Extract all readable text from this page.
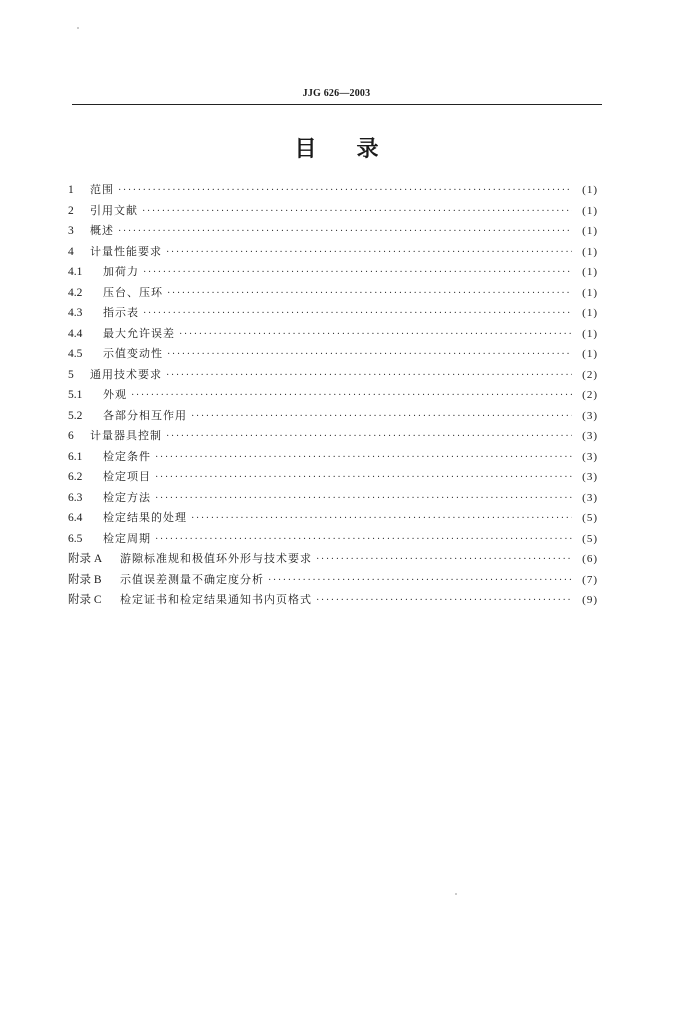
JJG 626—2003
目录
1	范围 ·····	(1)
2	引用文献 ·····	(1)
3	概述 ·····	(1)
4	计量性能要求 ·····	(1)
4.1	加荷力 ·····	(1)
4.2	压台、压环 ·····	(1)
4.3	指示表 ·····	(1)
4.4	最大允许误差 ·····	(1)
4.5	示值变动性 ·····	(1)
5	通用技术要求 ·····	(2)
5.1	外观 ·····	(2)
5.2	各部分相互作用 ·····	(3)
6	计量器具控制 ·····	(3)
6.1	检定条件 ·····	(3)
6.2	检定项目 ·····	(3)
6.3	检定方法 ·····	(3)
6.4	检定结果的处理 ·····	(5)
6.5	检定周期 ·····	(5)
附录 A	游隙标准规和极值环外形与技术要求 ·····	(6)
附录 B	示值误差测量不确定度分析 ·····	(7)
附录 C	检定证书和检定结果通知书内页格式 ·····	(9)
